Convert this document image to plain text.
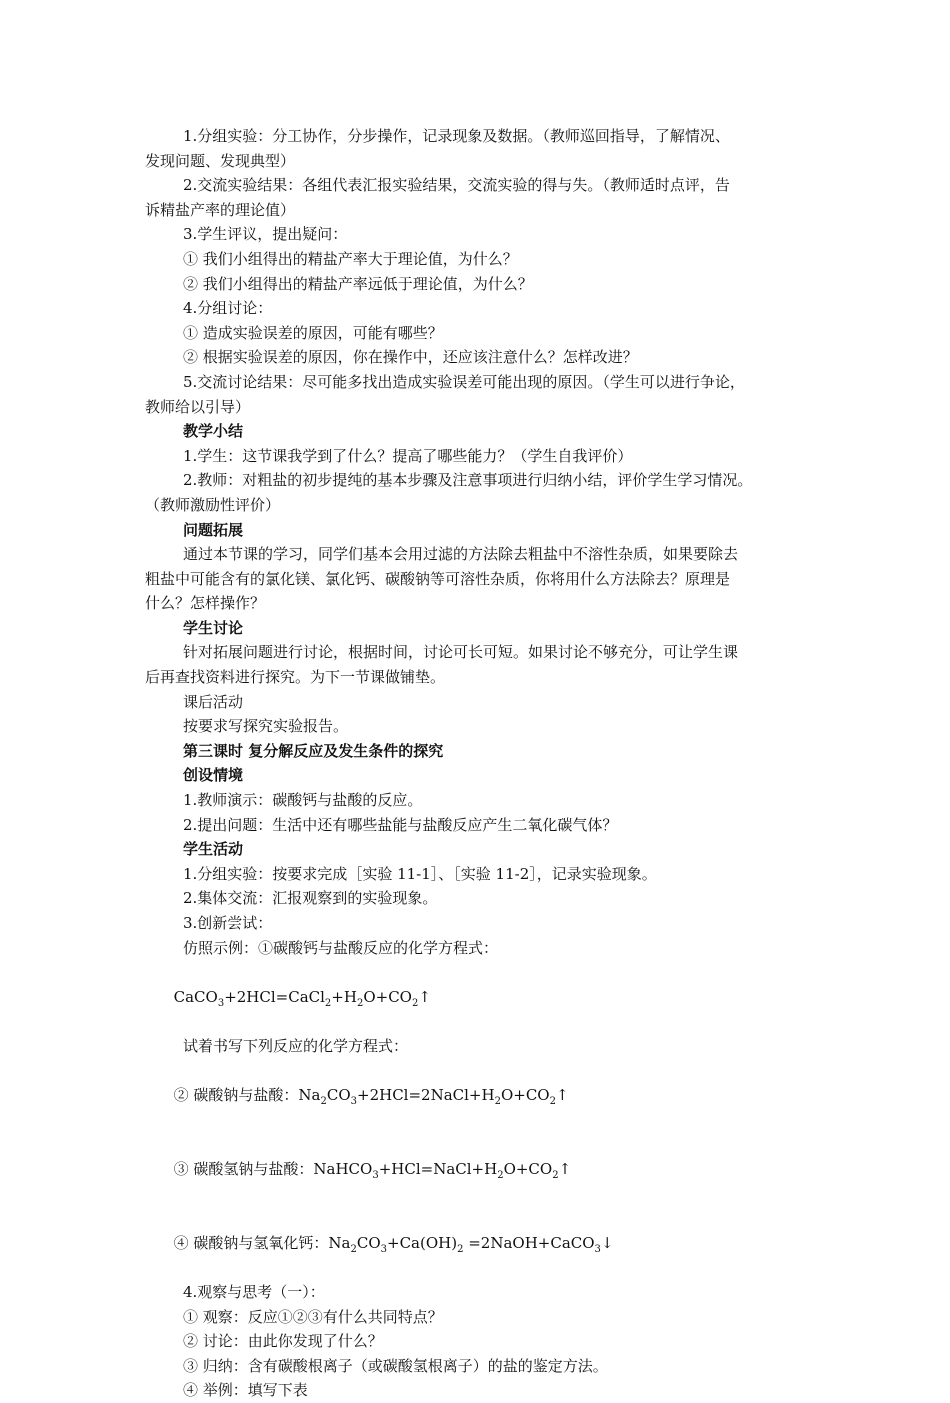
1.分组实验：分工协作，分步操作，记录现象及数据。（教师巡回指导，了解情况、

发现问题、发现典型）

2.交流实验结果：各组代表汇报实验结果，交流实验的得与失。（教师适时点评，告

诉精盐产率的理论值）

3.学生评议，提出疑问：

① 我们小组得出的精盐产率大于理论值，为什么？

② 我们小组得出的精盐产率远低于理论值，为什么？

4.分组讨论：

① 造成实验误差的原因，可能有哪些？

② 根据实验误差的原因，你在操作中，还应该注意什么？怎样改进？

5.交流讨论结果：尽可能多找出造成实验误差可能出现的原因。（学生可以进行争论，

教师给以引导）

教学小结

1.学生：这节课我学到了什么？提高了哪些能力？（学生自我评价）

2.教师：对粗盐的初步提纯的基本步骤及注意事项进行归纳小结，评价学生学习情况。

（教师激励性评价）

问题拓展

通过本节课的学习，同学们基本会用过滤的方法除去粗盐中不溶性杂质，如果要除去

粗盐中可能含有的氯化镁、氯化钙、碳酸钠等可溶性杂质，你将用什么方法除去？原理是

什么？怎样操作？

学生讨论

针对拓展问题进行讨论，根据时间，讨论可长可短。如果讨论不够充分，可让学生课

后再查找资料进行探究。为下一节课做铺垫。

课后活动

按要求写探究实验报告。

第三课时 复分解反应及发生条件的探究

创设情境

1.教师演示：碳酸钙与盐酸的反应。

2.提出问题：生活中还有哪些盐能与盐酸反应产生二氧化碳气体？

学生活动

1.分组实验：按要求完成［实验 11-1］、［实验 11-2］，记录实验现象。

2.集体交流：汇报观察到的实验现象。

3.创新尝试：

仿照示例：①碳酸钙与盐酸反应的化学方程式：

$CaCO_3+2HCl=CaCl_2+H_2O+CO_2↑$

试着书写下列反应的化学方程式：

② 碳酸钠与盐酸：$Na_2CO_3+2HCl=2NaCl+H_2O+CO_2↑$

③ 碳酸氢钠与盐酸：$NaHCO_3+HCl=NaCl+H_2O+CO_2↑$

④ 碳酸钠与氢氧化钙：$Na_2CO_3+Ca(OH)_2$ =2NaOH+CaCO$_3$↓

4.观察与思考（一）：

① 观察：反应①②③有什么共同特点？

② 讨论：由此你发现了什么？

③ 归纳：含有碳酸根离子（或碳酸氢根离子）的盐的鉴定方法。

④ 举例：填写下表
